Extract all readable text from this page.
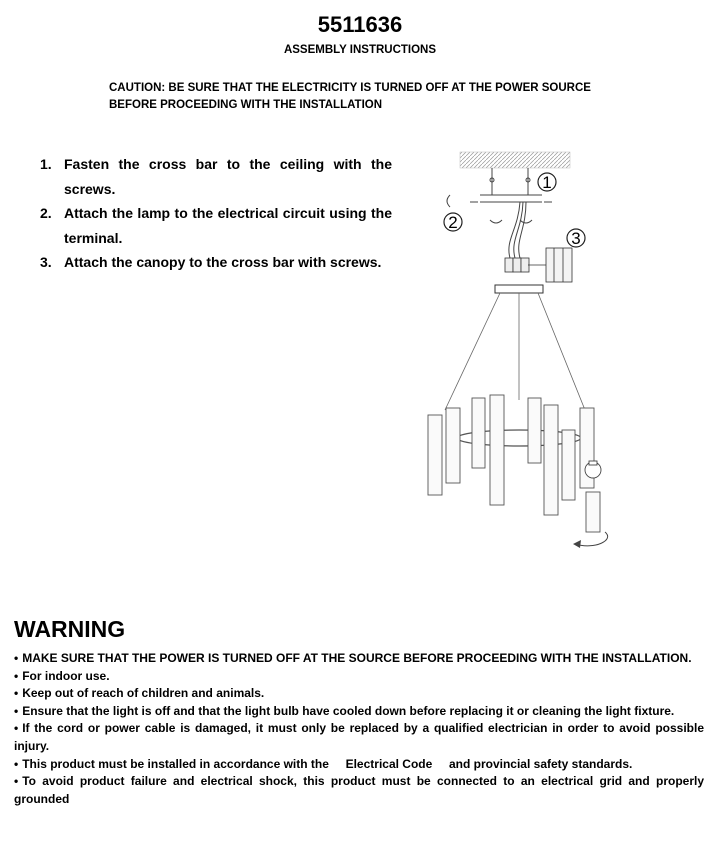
5511636
ASSEMBLY INSTRUCTIONS
CAUTION: BE SURE THAT THE ELECTRICITY IS TURNED OFF AT THE POWER SOURCE
BEFORE PROCEEDING WITH THE INSTALLATION
1. Fasten the cross bar to the ceiling with the screws.
2. Attach the lamp to the electrical circuit using the terminal.
3. Attach the canopy to the cross bar with screws.
1
2
3
WARNING
• MAKE SURE THAT THE POWER IS TURNED OFF AT THE SOURCE BEFORE PROCEEDING WITH THE INSTALLATION.
• For indoor use.
• Keep out of reach of children and animals.
• Ensure that the light is off and that the light bulb have cooled down before replacing it or cleaning the light fixture.
• If the cord or power cable is damaged, it must only be replaced by a qualified electrician in order to avoid possible injury.
• This product must be installed in accordance with the     Electrical Code     and provincial safety standards.
• To avoid product failure and electrical shock, this product must be connected to an electrical grid and properly grounded
